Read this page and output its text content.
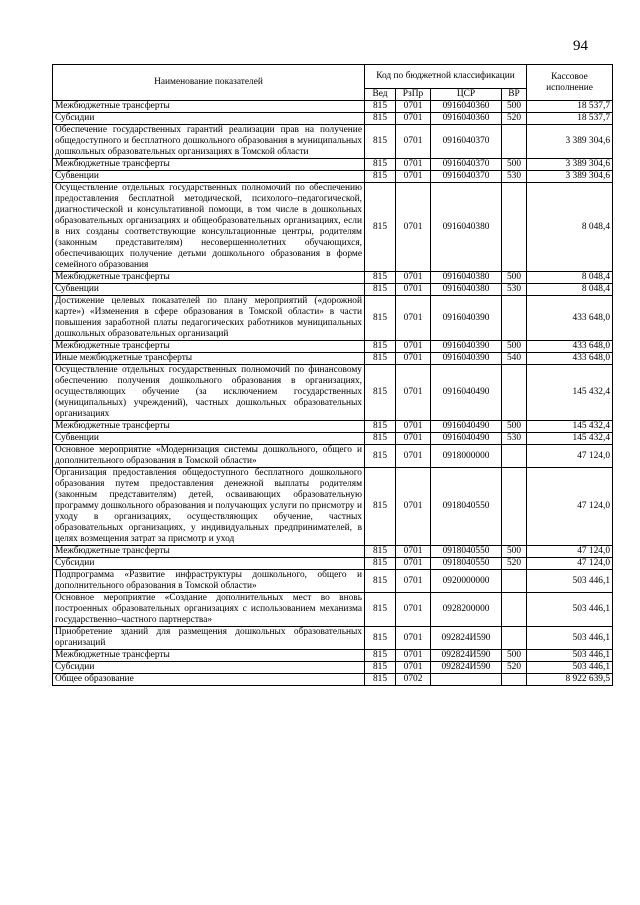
94
Наименование показателей	Код по бюджетной классификации				Кассовое исполнение
	Вед	РзПр	ЦСР	ВР	
Межбюджетные трансферты	815	0701	0916040360	500	18 537,7
Субсидии	815	0701	0916040360	520	18 537,7
Обеспечение государственных гарантий реализации прав на получение общедоступного и бесплатного дошкольного образования в муниципальных дошкольных образовательных организациях в Томской области	815	0701	0916040370		3 389 304,6
Межбюджетные трансферты	815	0701	0916040370	500	3 389 304,6
Субвенции	815	0701	0916040370	530	3 389 304,6
Осуществление отдельных государственных полномочий по обеспечению предоставления бесплатной методической, психолого–педагогической, диагностической и консультативной помощи, в том числе в дошкольных образовательных организациях и общеобразовательных организациях, если в них созданы соответствующие консультационные центры, родителям (законным представителям) несовершеннолетних обучающихся, обеспечивающих получение детьми дошкольного образования в форме семейного образования	815	0701	0916040380		8 048,4
Межбюджетные трансферты	815	0701	0916040380	500	8 048,4
Субвенции	815	0701	0916040380	530	8 048,4
Достижение целевых показателей по плану мероприятий («дорожной карте») «Изменения в сфере образования в Томской области» в части повышения заработной платы педагогических работников муниципальных дошкольных образовательных организаций	815	0701	0916040390		433 648,0
Межбюджетные трансферты	815	0701	0916040390	500	433 648,0
Иные межбюджетные трансферты	815	0701	0916040390	540	433 648,0
Осуществление отдельных государственных полномочий по финансовому обеспечению получения дошкольного образования в организациях, осуществляющих обучение (за исключением государственных (муниципальных) учреждений), частных дошкольных образовательных организациях	815	0701	0916040490		145 432,4
Межбюджетные трансферты	815	0701	0916040490	500	145 432,4
Субвенции	815	0701	0916040490	530	145 432,4
Основное мероприятие «Модернизация системы дошкольного, общего и дополнительного образования в Томской области»	815	0701	0918000000		47 124,0
Организация предоставления общедоступного бесплатного дошкольного образования путем предоставления денежной выплаты родителям (законным представителям) детей, осваивающих образовательную программу дошкольного образования и получающих услуги по присмотру и уходу в организациях, осуществляющих обучение, частных образовательных организациях, у индивидуальных предпринимателей, в целях возмещения затрат за присмотр и уход	815	0701	0918040550		47 124,0
Межбюджетные трансферты	815	0701	0918040550	500	47 124,0
Субсидии	815	0701	0918040550	520	47 124,0
Подпрограмма «Развитие инфраструктуры дошкольного, общего и дополнительного образования в Томской области»	815	0701	0920000000		503 446,1
Основное мероприятие «Создание дополнительных мест во вновь построенных образовательных организациях с использованием механизма государственно–частного партнерства»	815	0701	0928200000		503 446,1
Приобретение зданий для размещения дошкольных образовательных организаций	815	0701	092824И590		503 446,1
Межбюджетные трансферты	815	0701	092824И590	500	503 446,1
Субсидии	815	0701	092824И590	520	503 446,1
Общее образование	815	0702			8 922 639,5
